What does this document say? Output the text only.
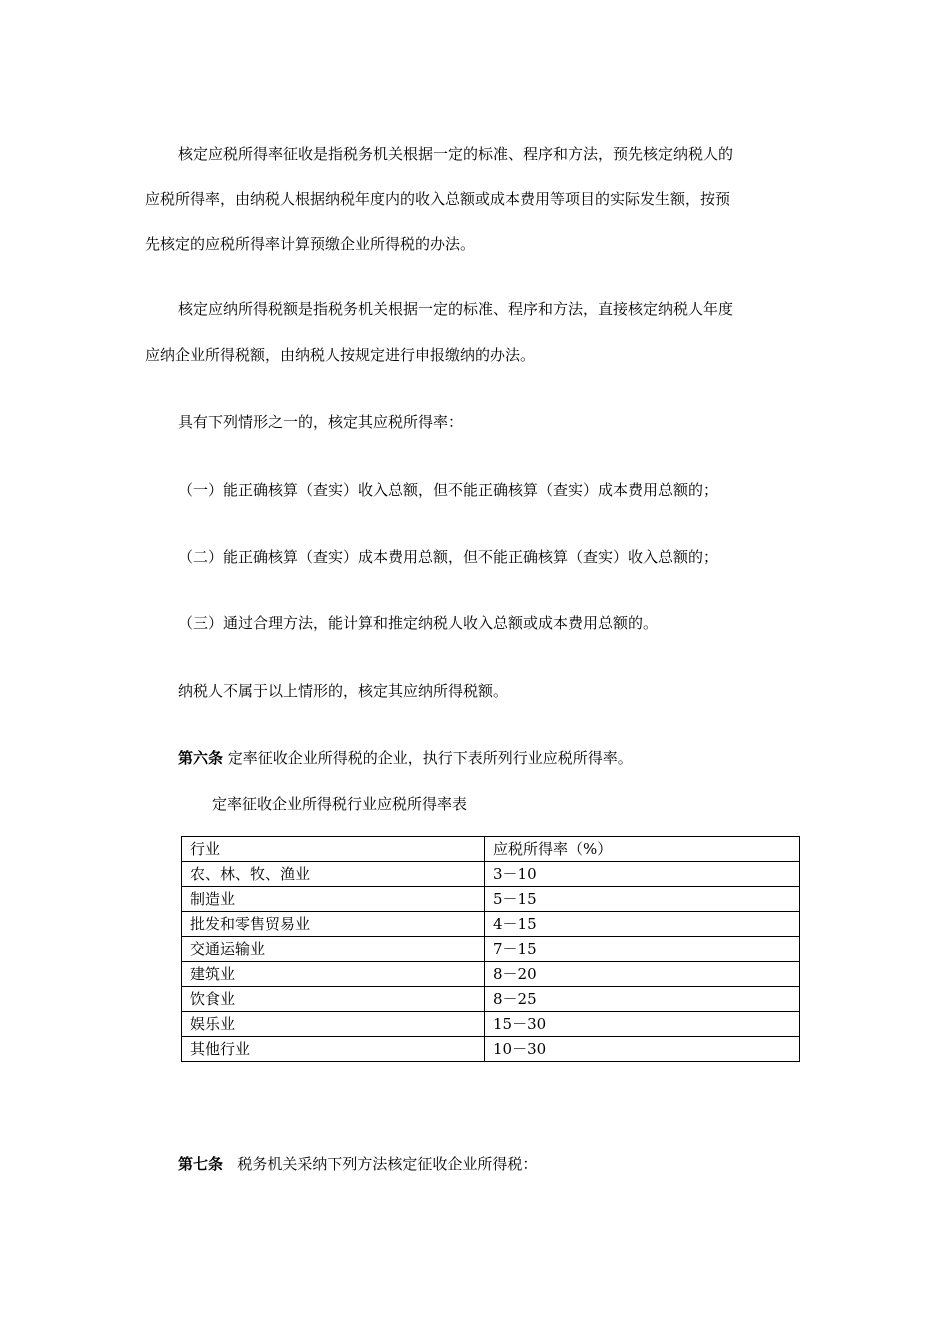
核定应税所得率征收是指税务机关根据一定的标准、程序和方法，预先核定纳税人的

应税所得率，由纳税人根据纳税年度内的收入总额或成本费用等项目的实际发生额，按预

先核定的应税所得率计算预缴企业所得税的办法。

核定应纳所得税额是指税务机关根据一定的标准、程序和方法，直接核定纳税人年度

应纳企业所得税额，由纳税人按规定进行申报缴纳的办法。

具有下列情形之一的，核定其应税所得率：

（一）能正确核算（查实）收入总额，但不能正确核算（查实）成本费用总额的；

（二）能正确核算（查实）成本费用总额，但不能正确核算（查实）收入总额的；

（三）通过合理方法，能计算和推定纳税人收入总额或成本费用总额的。

纳税人不属于以上情形的，核定其应纳所得税额。

第六条 定率征收企业所得税的企业，执行下表所列行业应税所得率。

定率征收企业所得税行业应税所得率表
行业	应税所得率（%）
农、林、牧、渔业	3－10
制造业	5－15
批发和零售贸易业	4－15
交通运输业	7－15
建筑业	8－20
饮食业	8－25
娱乐业	15－30
其他行业	10－30

第七条 税务机关采纳下列方法核定征收企业所得税：
